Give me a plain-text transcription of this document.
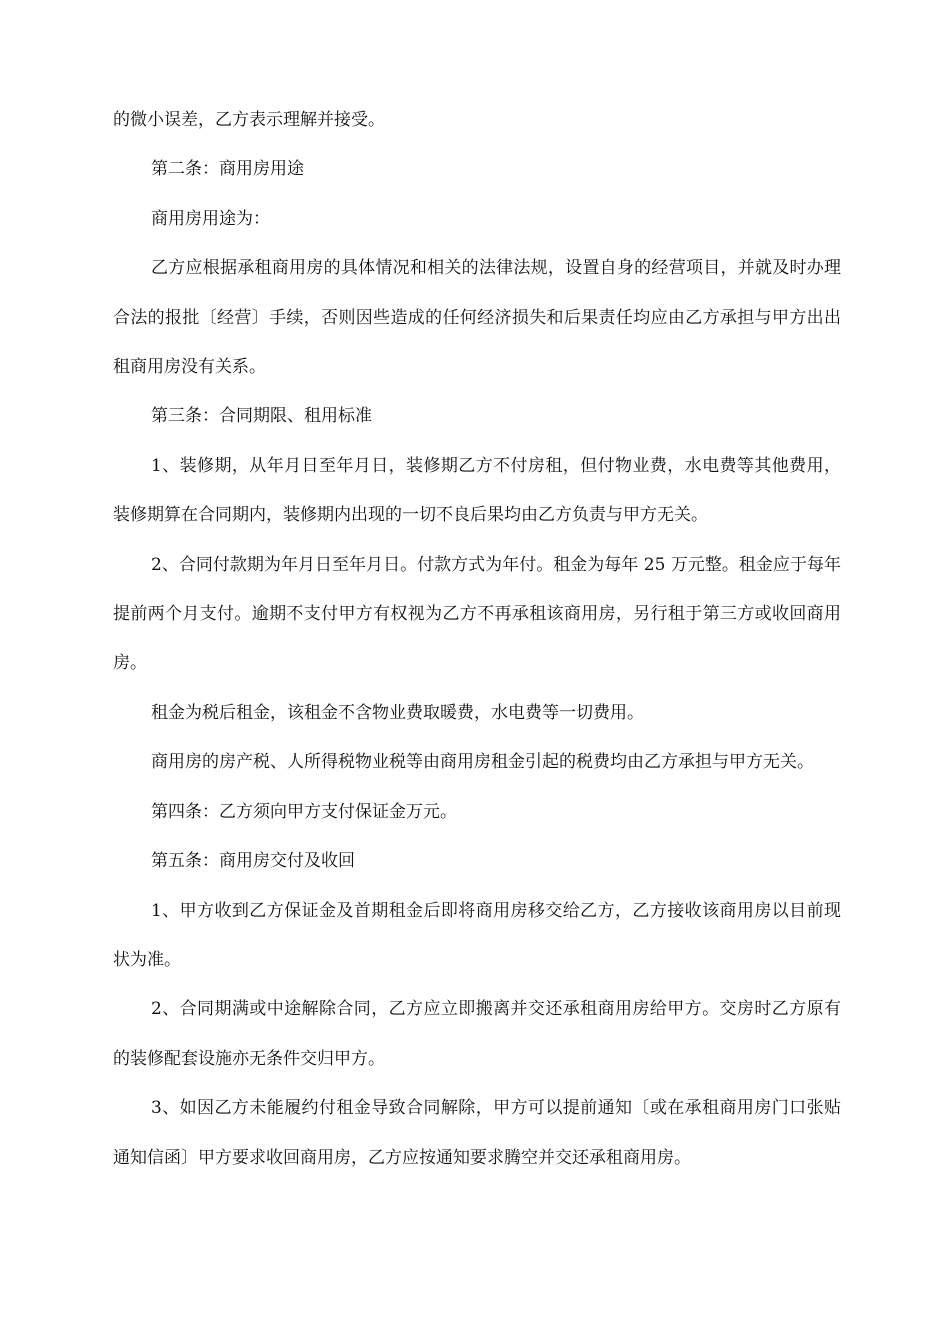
的微小误差，乙方表示理解并接受。

第二条：商用房用途

商用房用途为：

乙方应根据承租商用房的具体情况和相关的法律法规，设置自身的经营项目，并就及时办理合法的报批〔经营〕手续，否则因些造成的任何经济损失和后果责任均应由乙方承担与甲方出出租商用房没有关系。

第三条：合同期限、租用标准

1、装修期，从年月日至年月日，装修期乙方不付房租，但付物业费，水电费等其他费用，装修期算在合同期内，装修期内出现的一切不良后果均由乙方负责与甲方无关。

2、合同付款期为年月日至年月日。付款方式为年付。租金为每年 25 万元整。租金应于每年提前两个月支付。逾期不支付甲方有权视为乙方不再承租该商用房，另行租于第三方或收回商用房。

租金为税后租金，该租金不含物业费取暖费，水电费等一切费用。

商用房的房产税、人所得税物业税等由商用房租金引起的税费均由乙方承担与甲方无关。

第四条：乙方须向甲方支付保证金万元。

第五条：商用房交付及收回

1、甲方收到乙方保证金及首期租金后即将商用房移交给乙方，乙方接收该商用房以目前现状为准。

2、合同期满或中途解除合同，乙方应立即搬离并交还承租商用房给甲方。交房时乙方原有的装修配套设施亦无条件交归甲方。

3、如因乙方未能履约付租金导致合同解除，甲方可以提前通知〔或在承租商用房门口张贴通知信函〕甲方要求收回商用房，乙方应按通知要求腾空并交还承租商用房。
